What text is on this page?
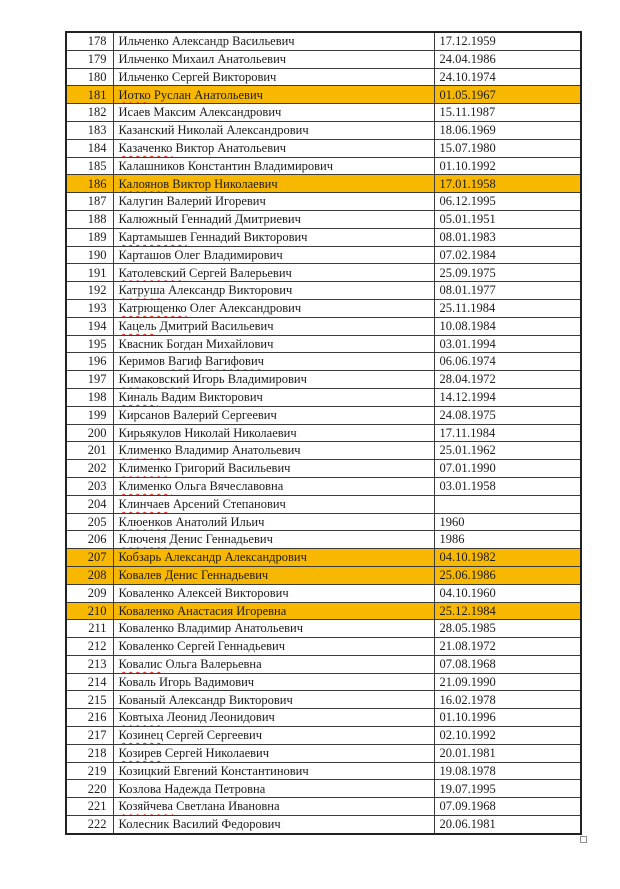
178	Ильченко Александр Васильевич	17.12.1959
179	Ильченко Михаил Анатольевич	24.04.1986
180	Ильченко Сергей Викторович	24.10.1974
181	Иотко Руслан Анатольевич	01.05.1967
182	Исаев Максим Александрович	15.11.1987
183	Казанский Николай Александрович	18.06.1969
184	Казаченко Виктор Анатольевич	15.07.1980
185	Калашников Константин Владимирович	01.10.1992
186	Калоянов Виктор Николаевич	17.01.1958
187	Калугин Валерий Игоревич	06.12.1995
188	Калюжный Геннадий Дмитриевич	05.01.1951
189	Картамышев Геннадий Викторович	08.01.1983
190	Карташов Олег Владимирович	07.02.1984
191	Католевский Сергей Валерьевич	25.09.1975
192	Катруша Александр Викторович	08.01.1977
193	Катрющенко Олег Александрович	25.11.1984
194	Кацель Дмитрий Васильевич	10.08.1984
195	Квасник Богдан Михайлович	03.01.1994
196	Керимов Вагиф Вагифович	06.06.1974
197	Кимаковский Игорь Владимирович	28.04.1972
198	Киналь Вадим Викторович	14.12.1994
199	Кирсанов Валерий Сергеевич	24.08.1975
200	Кирьякулов Николай Николаевич	17.11.1984
201	Клименко Владимир Анатольевич	25.01.1962
202	Клименко Григорий Васильевич	07.01.1990
203	Клименко Ольга Вячеславовна	03.01.1958
204	Клинчаев Арсений Степанович	
205	Клюенков Анатолий Ильич	1960
206	Ключеня Денис Геннадьевич	1986
207	Кобзарь Александр Александрович	04.10.1982
208	Ковалев Денис Геннадьевич	25.06.1986
209	Коваленко Алексей Викторович	04.10.1960
210	Коваленко Анастасия Игоревна	25.12.1984
211	Коваленко Владимир Анатольевич	28.05.1985
212	Коваленко Сергей Геннадьевич	21.08.1972
213	Ковалис Ольга Валерьевна	07.08.1968
214	Коваль Игорь Вадимович	21.09.1990
215	Кованый Александр Викторович	16.02.1978
216	Ковтыха Леонид Леонидович	01.10.1996
217	Козинец Сергей Сергеевич	02.10.1992
218	Козирев Сергей Николаевич	20.01.1981
219	Козицкий Евгений Константинович	19.08.1978
220	Козлова Надежда Петровна	19.07.1995
221	Козяйчева Светлана Ивановна	07.09.1968
222	Колесник Василий Федорович	20.06.1981
